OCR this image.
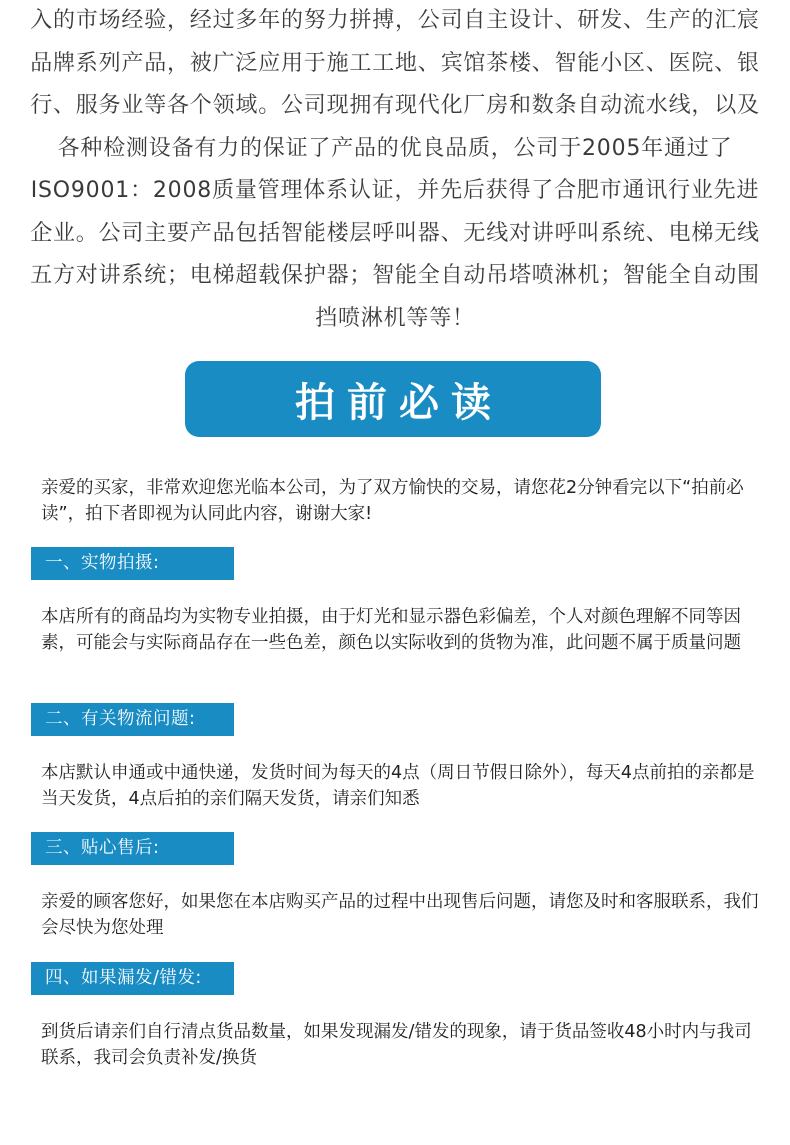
入的市场经验，经过多年的努力拼搏，公司自主设计、研发、生产的汇宸品牌系列产品，被广泛应用于施工工地、宾馆茶楼、智能小区、医院、银行、服务业等各个领域。公司现拥有现代化厂房和数条自动流水线，以及各种检测设备有力的保证了产品的优良品质，公司于2005年通过了ISO9001：2008质量管理体系认证，并先后获得了合肥市通讯行业先进企业。公司主要产品包括智能楼层呼叫器、无线对讲呼叫系统、电梯无线五方对讲系统；电梯超载保护器；智能全自动吊塔喷淋机；智能全自动围挡喷淋机等等！

拍前必读

亲爱的买家，非常欢迎您光临本公司，为了双方愉快的交易，请您花2分钟看完以下“拍前必读”，拍下者即视为认同此内容，谢谢大家!

一、实物拍摄:

本店所有的商品均为实物专业拍摄，由于灯光和显示器色彩偏差，个人对颜色理解不同等因素，可能会与实际商品存在一些色差，颜色以实际收到的货物为准，此问题不属于质量问题

二、有关物流问题:

本店默认申通或中通快递，发货时间为每天的4点（周日节假日除外），每天4点前拍的亲都是当天发货，4点后拍的亲们隔天发货，请亲们知悉

三、贴心售后:

亲爱的顾客您好，如果您在本店购买产品的过程中出现售后问题，请您及时和客服联系，我们会尽快为您处理

四、如果漏发/错发:

到货后请亲们自行清点货品数量，如果发现漏发/错发的现象，请于货品签收48小时内与我司联系，我司会负责补发/换货
